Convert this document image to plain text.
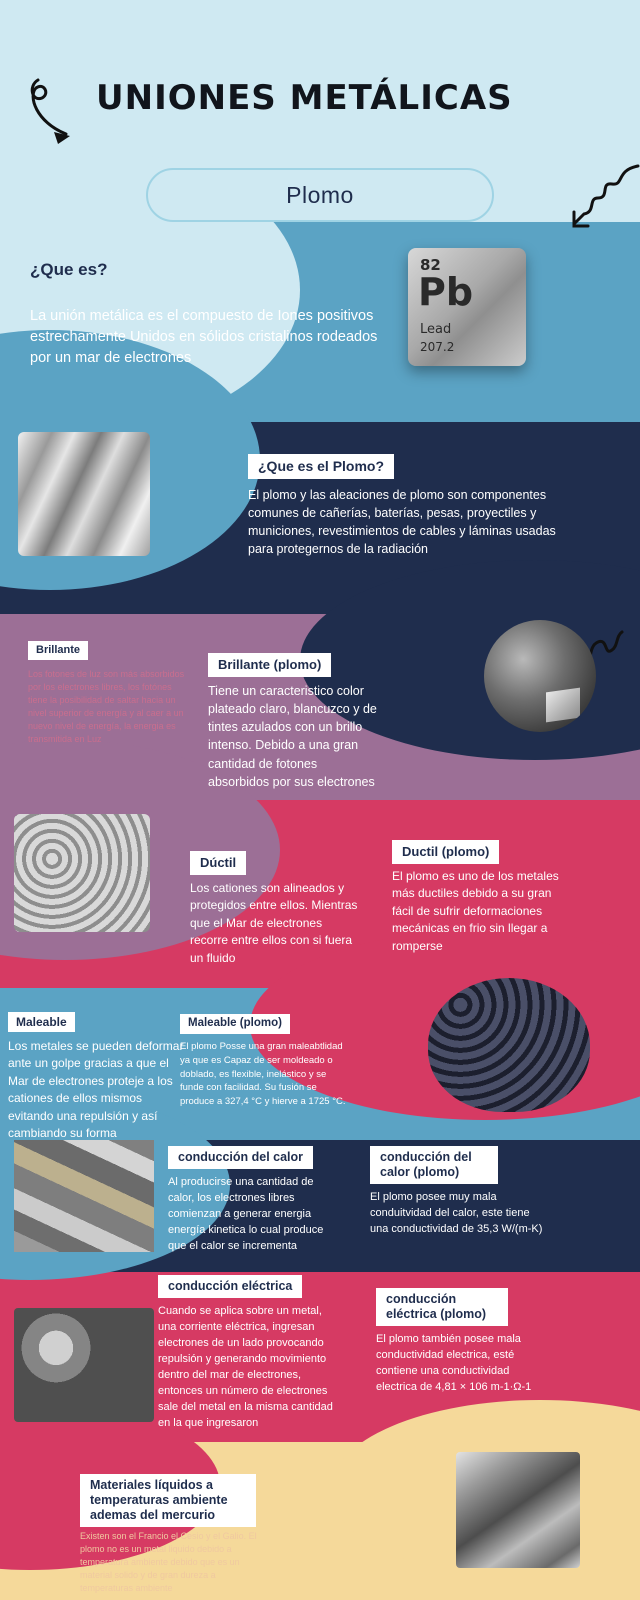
UNIONES METÁLICAS
Plomo
82
Pb
Lead
207.2
¿Que es?
La unión metálica es el compuesto de Iones positivos estrechamente Unidos en sólidos cristalinos rodeados por un mar de electrones
¿Que es el Plomo?
El plomo y las aleaciones de plomo son componentes comunes de cañerías, baterías, pesas, proyectiles y municiones, revestimientos de cables y láminas usadas para protegernos de la radiación
Brillante
Los fotones de luz son más absorbidos por los electrones libres, los fotónes tiene la posibilidad de saltar hacia un nivel superior de energía y al caer a un nuevo nivel de energía, la energia es transmitida en Luz
Brillante (plomo)
Tiene un caracteristico color plateado claro, blancuzco y de tintes azulados con un brillo intenso. Debido a una gran cantidad de fotones absorbidos por sus electrones
Dúctil
Los cationes son alineados y protegidos entre ellos. Mientras que el Mar de electrones recorre entre ellos con si fuera un fluido
Ductil (plomo)
El plomo es uno de los metales más ductiles debido a su gran fácil de sufrir deformaciones mecánicas en frio sin llegar a romperse
Maleable
Los metales se pueden deformar ante un golpe gracias a que el Mar de electrones proteje a los cationes de ellos mismos evitando una repulsión y así cambiando su forma
Maleable (plomo)
El plomo Posse una gran maleabtlidad ya que es Capaz de ser moldeado o doblado, es flexible, inelástico y se funde con facilidad. Su fusión se produce a 327,4 °C y hierve a 1725 °C.
conducción del calor
Al producirse una cantidad de calor, los electrones libres comienzan a generar energia energía kinetica lo cual produce que el calor se incrementa
conducción del calor (plomo)
El plomo posee muy mala conduitvidad del calor, este tiene una conductividad de 35,3 W/(m-K)
conducción eléctrica
Cuando se aplica sobre un metal, una corriente eléctrica, ingresan electrones de un lado provocando repulsión y generando movimiento dentro del mar de electrones, entonces un número de electrones sale del metal en la misma cantidad en la que ingresaron
conducción eléctrica (plomo)
El plomo también posee mala conductividad electrica, esté contiene una conductividad electrica de 4,81 × 106 m-1·Ω-1
Materiales líquidos a temperaturas ambiente ademas del mercurio
Existen son el Francio el Cesio y el Galio. El plomo no es un metal liquido debido a temperatura ambiente debido que es un material solido y de gran dureza a temperaturas ambiente
